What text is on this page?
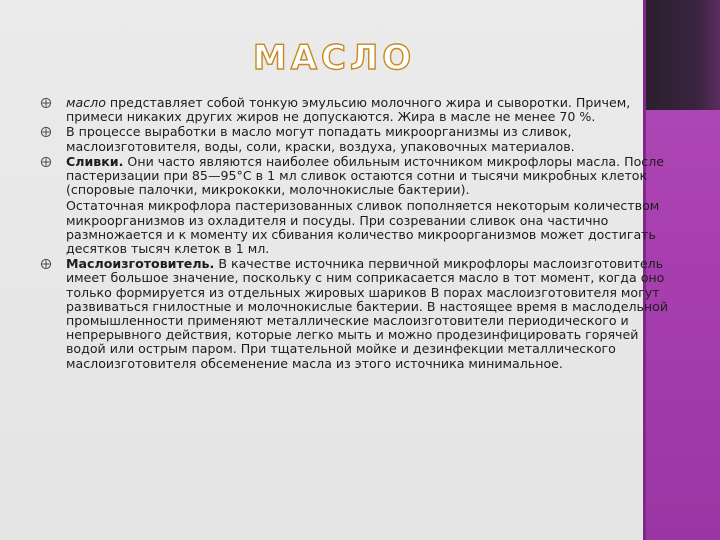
МАСЛО
масло представляет собой тонкую эмульсию молочного жира и сыворотки. Причем, примеси никаких других жиров не допускаются. Жира в масле не менее 70 %.
В процессе выработки в масло могут попадать микроорганизмы из сливок, маслоизготовителя, воды, соли, краски, воздуха, упаковочных материалов.
Сливки. Они часто являются наиболее обильным источником микрофлоры масла. После пастеризации при 85—95°С в 1 мл сливок остаются сотни и тысячи микробных клеток (споровые палочки, микрококки, молочнокислые бактерии).
Остаточная микрофлора пастеризованных сливок пополняется некоторым количеством микроорганизмов из охладителя и посуды. При созревании сливок она частично размножается и к моменту их сбивания количество микроорганизмов может достигать десятков тысяч клеток в 1 мл.
Маслоизготовитель. В качестве источника первичной микрофлоры маслоизготовитель имеет большое значение, поскольку с ним соприкасается масло в тот момент, когда оно только формируется из отдельных жировых шариков В порах маслоизготовителя могут развиваться гнилостные и молочнокислые бактерии. В настоящее время в маслодельной промышленности применяют металлические маслоизготовители периодического и непрерывного действия, которые легко мыть и можно продезинфицировать горячей водой или острым паром. При тщательной мойке и дезинфекции металлического маслоизготовителя обсеменение масла из этого источника минимальное.
